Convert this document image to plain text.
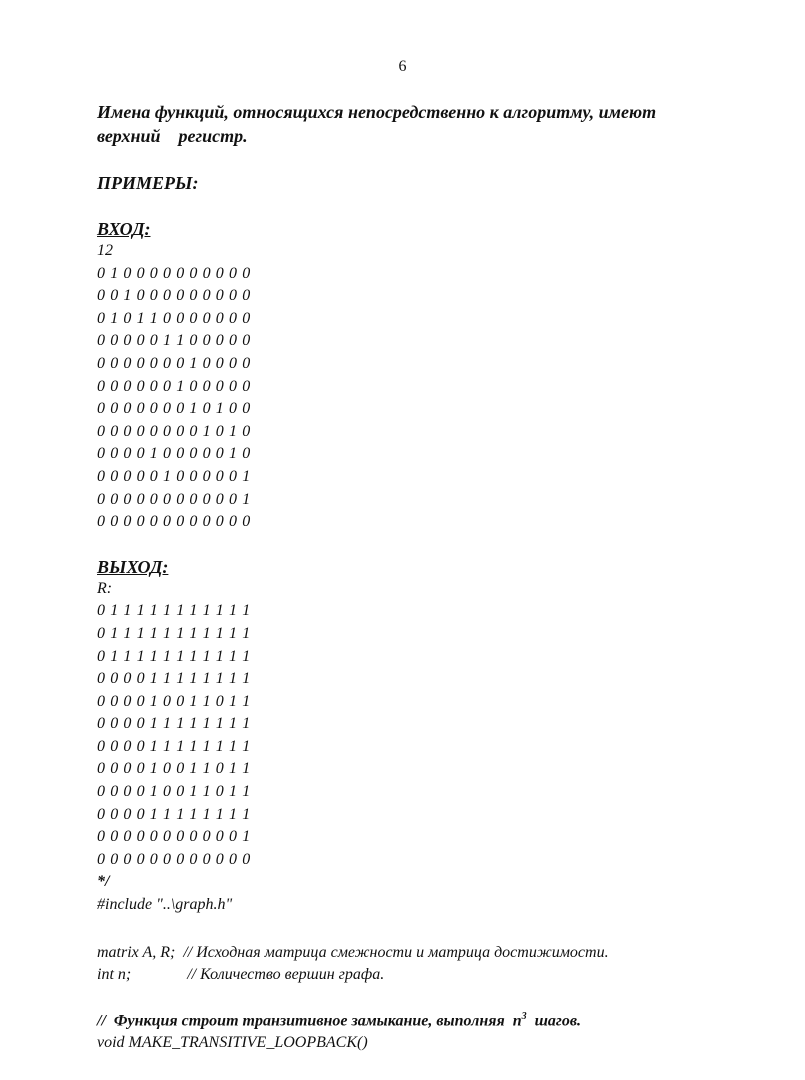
6

Имена функций, относящихся непосредственно к алгоритму, имеют

верхний    регистр.

ПРИМЕРЫ:

ВХОД:

12

0 1 0 0 0 0 0 0 0 0 0 0

0 0 1 0 0 0 0 0 0 0 0 0

0 1 0 1 1 0 0 0 0 0 0 0

0 0 0 0 0 1 1 0 0 0 0 0

0 0 0 0 0 0 0 1 0 0 0 0

0 0 0 0 0 0 1 0 0 0 0 0

0 0 0 0 0 0 0 1 0 1 0 0

0 0 0 0 0 0 0 0 1 0 1 0

0 0 0 0 1 0 0 0 0 0 1 0

0 0 0 0 0 1 0 0 0 0 0 1

0 0 0 0 0 0 0 0 0 0 0 1

0 0 0 0 0 0 0 0 0 0 0 0

ВЫХОД:

R:

0 1 1 1 1 1 1 1 1 1 1 1

0 1 1 1 1 1 1 1 1 1 1 1

0 1 1 1 1 1 1 1 1 1 1 1

0 0 0 0 1 1 1 1 1 1 1 1

0 0 0 0 1 0 0 1 1 0 1 1

0 0 0 0 1 1 1 1 1 1 1 1

0 0 0 0 1 1 1 1 1 1 1 1

0 0 0 0 1 0 0 1 1 0 1 1

0 0 0 0 1 0 0 1 1 0 1 1

0 0 0 0 1 1 1 1 1 1 1 1

0 0 0 0 0 0 0 0 0 0 0 1

0 0 0 0 0 0 0 0 0 0 0 0

*/

#include "..\graph.h"

matrix A, R;  // Исходная матрица смежности и матрица достижимости.

int n;              // Количество вершин графа.

//  Функция строит транзитивное замыкание, выполняя  $n^3$  шагов.

void MAKE_TRANSITIVE_LOOPBACK()
